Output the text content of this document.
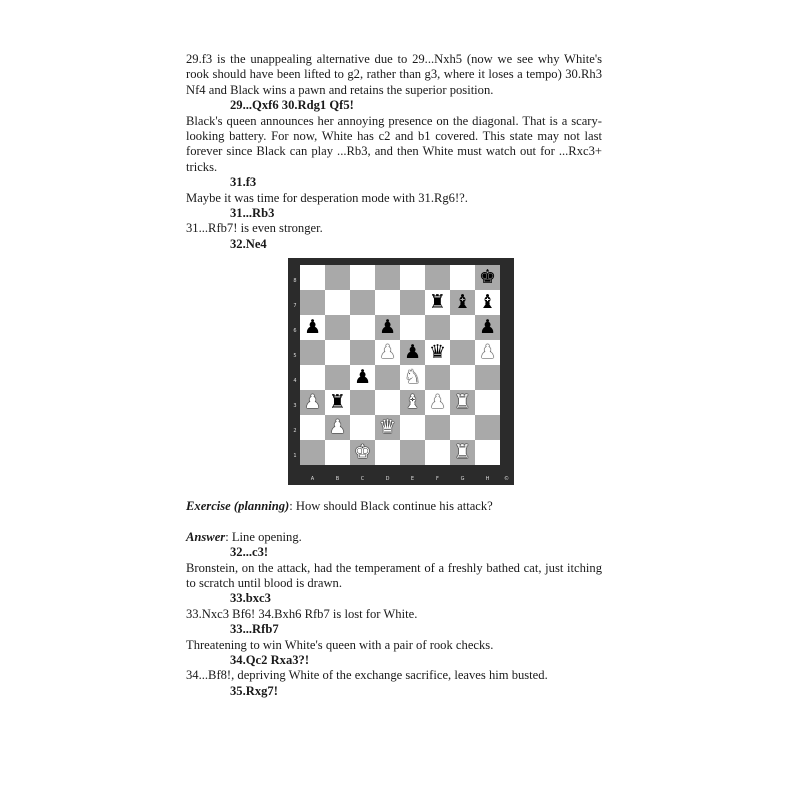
29.f3 is the unappealing alternative due to 29...Nxh5 (now we see why White's rook should have been lifted to g2, rather than g3, where it loses a tempo) 30.Rh3 Nf4 and Black wins a pawn and retains the superior position.

29...Qxf6 30.Rdg1 Qf5!

Black's queen announces her annoying presence on the diagonal. That is a scary-looking battery. For now, White has c2 and b1 covered. This state may not last forever since Black can play ...Rb3, and then White must watch out for ...Rxc3+ tricks.

31.f3

Maybe it was time for desperation mode with 31.Rg6!?.

31...Rb3

31...Rfb7! is even stronger.

32.Ne4

♚
♜ ♝ ♝
♟	♟	♟
♟ ♟ ♛ ♟
♟ ♞
♟ ♜	♝ ♟ ♜
♟ ♛
♚	♜
8
7
6
5
4
3
2
1
A	B	C	D	E	F	G	H	©

Exercise (planning): How should Black continue his attack?

Answer: Line opening.

32...c3!

Bronstein, on the attack, had the temperament of a freshly bathed cat, just itching to scratch until blood is drawn.

33.bxc3

33.Nxc3 Bf6! 34.Bxh6 Rfb7 is lost for White.

33...Rfb7

Threatening to win White's queen with a pair of rook checks.

34.Qc2 Rxa3?!

34...Bf8!, depriving White of the exchange sacrifice, leaves him busted.

35.Rxg7!
